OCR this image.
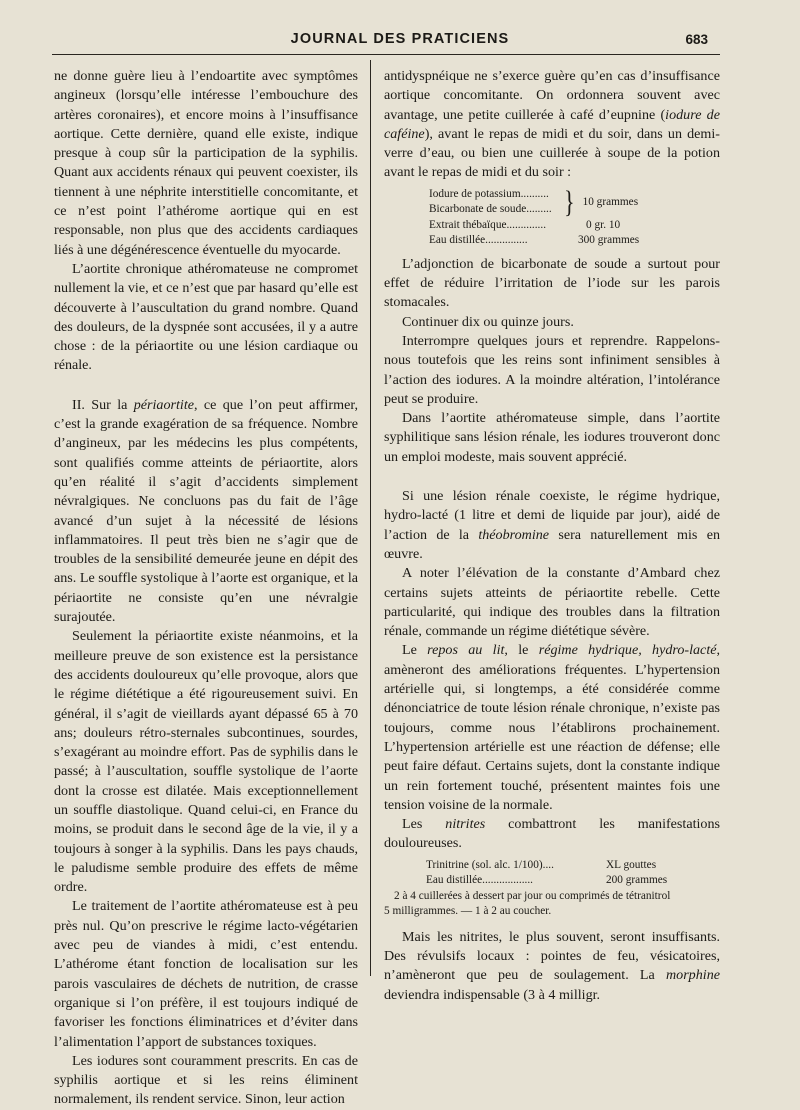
JOURNAL DES PRATICIENS	683

ne donne guère lieu à l’endoartite avec symptômes angineux (lorsqu’elle intéresse l’embouchure des artères coronaires), et encore moins à l’insuffisance aortique. Cette dernière, quand elle existe, indique presque à coup sûr la participation de la syphilis. Quant aux accidents rénaux qui peuvent coexister, ils tiennent à une néphrite interstitielle concomitante, et ce n’est point l’athérome aortique qui en est responsable, non plus que des accidents cardiaques liés à une dégénérescence éventuelle du myocarde.

L’aortite chronique athéromateuse ne compromet nullement la vie, et ce n’est que par hasard qu’elle est découverte à l’auscultation du grand nombre. Quand des douleurs, de la dyspnée sont accusées, il y a autre chose : de la périaortite ou une lésion cardiaque ou rénale.

II. Sur la périaortite, ce que l’on peut affirmer, c’est la grande exagération de sa fréquence. Nombre d’angineux, par les médecins les plus compétents, sont qualifiés comme atteints de périaortite, alors qu’en réalité il s’agit d’accidents simplement névralgiques. Ne concluons pas du fait de l’âge avancé d’un sujet à la nécessité de lésions inflammatoires. Il peut très bien ne s’agir que de troubles de la sensibilité demeurée jeune en dépit des ans. Le souffle systolique à l’aorte est organique, et la périaortite ne consiste qu’en une névralgie surajoutée.

Seulement la périaortite existe néanmoins, et la meilleure preuve de son existence est la persistance des accidents douloureux qu’elle provoque, alors que le régime diététique a été rigoureusement suivi. En général, il s’agit de vieillards ayant dépassé 65 à 70 ans; douleurs rétro-sternales subcontinues, sourdes, s’exagérant au moindre effort. Pas de syphilis dans le passé; à l’auscultation, souffle systolique de l’aorte dont la crosse est dilatée. Mais exceptionnellement un souffle diastolique. Quand celui-ci, en France du moins, se produit dans le second âge de la vie, il y a toujours à songer à la syphilis. Dans les pays chauds, le paludisme semble produire des effets de même ordre.

Le traitement de l’aortite athéromateuse est à peu près nul. Qu’on prescrive le régime lacto-végétarien avec peu de viandes à midi, c’est entendu. L’athérome étant fonction de localisation sur les parois vasculaires de déchets de nutrition, de crasse organique si l’on préfère, il est toujours indiqué de favoriser les fonctions éliminatrices et d’éviter dans l’alimentation l’apport de substances toxiques.

Les iodures sont couramment prescrits. En cas de syphilis aortique et si les reins éliminent normalement, ils rendent service. Sinon, leur action

antidyspnéique ne s’exerce guère qu’en cas d’insuffisance aortique concomitante. On ordonnera souvent avec avantage, une petite cuillerée à café d’eupnine (iodure de caféine), avant le repas de midi et du soir, dans un demi-verre d’eau, ou bien une cuillerée à soupe de la potion avant le repas de midi et du soir :

Iodure de potassium..........
Bicarbonate de soude......... } 10 grammes
Extrait thébaïque..............	0 gr. 10
Eau distillée...............	300 grammes

L’adjonction de bicarbonate de soude a surtout pour effet de réduire l’irritation de l’iode sur les parois stomacales.

Continuer dix ou quinze jours.

Interrompre quelques jours et reprendre. Rappelons-nous toutefois que les reins sont infiniment sensibles à l’action des iodures. A la moindre altération, l’intolérance peut se produire.

Dans l’aortite athéromateuse simple, dans l’aortite syphilitique sans lésion rénale, les iodures trouveront donc un emploi modeste, mais souvent apprécié.

Si une lésion rénale coexiste, le régime hydrique, hydro-lacté (1 litre et demi de liquide par jour), aidé de l’action de la théobromine sera naturellement mis en œuvre.

A noter l’élévation de la constante d’Ambard chez certains sujets atteints de périaortite rebelle. Cette particularité, qui indique des troubles dans la filtration rénale, commande un régime diététique sévère.

Le repos au lit, le régime hydrique, hydro-lacté, amèneront des améliorations fréquentes. L’hypertension artérielle qui, si longtemps, a été considérée comme dénonciatrice de toute lésion rénale chronique, n’existe pas toujours, comme nous l’établirons prochainement. L’hypertension artérielle est une réaction de défense; elle peut faire défaut. Certains sujets, dont la constante indique un rein fortement touché, présentent maintes fois une tension voisine de la normale.

Les nitrites combattront les manifestations douloureuses.

Trinitrine (sol. alc. 1/100)....	XL gouttes
Eau distillée..................	200 grammes
2 à 4 cuillerées à dessert par jour ou comprimés de tétranitrol
5 milligrammes. — 1 à 2 au coucher.

Mais les nitrites, le plus souvent, seront insuffisants. Des révulsifs locaux : pointes de feu, vésicatoires, n’amèneront que peu de soulagement. La morphine deviendra indispensable (3 à 4 milligr.
